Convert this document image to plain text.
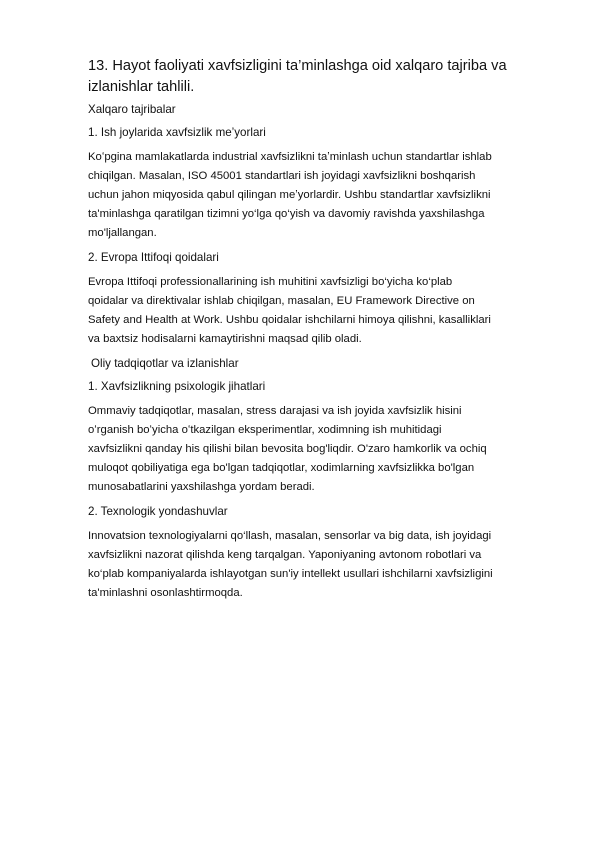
13. Hayot faoliyati xavfsizligini ta’minlashga oid xalqaro tajriba va
izlanishlar tahlili.
Xalqaro tajribalar
1. Ish joylarida xavfsizlik me’yorlari

Koʻpgina mamlakatlarda industrial xavfsizlikni taʼminlash uchun standartlar ishlab
chiqilgan. Masalan, ISO 45001 standartlari ish joyidagi xavfsizlikni boshqarish
uchun jahon miqyosida qabul qilingan meʼyorlardir. Ushbu standartlar xavfsizlikni
ta'minlashga qaratilgan tizimni yo‘lga qo‘yish va davomiy ravishda yaxshilashga
mo'ljallangan.

2. Evropa Ittifoqi qoidalari

Evropa Ittifoqi professionallarining ish muhitini xavfsizligi bo‘yicha ko‘plab
qoidalar va direktivalar ishlab chiqilgan, masalan, EU Framework Directive on
Safety and Health at Work. Ushbu qoidalar ishchilarni himoya qilishni, kasalliklari
va baxtsiz hodisalarni kamaytirishni maqsad qilib oladi.

Oliy tadqiqotlar va izlanishlar
1. Xavfsizlikning psixologik jihatlari

Ommaviy tadqiqotlar, masalan, stress darajasi va ish joyida xavfsizlik hisini
oʻrganish boʻyicha oʻtkazilgan eksperimentlar, xodimning ish muhitidagi
xavfsizlikni qanday his qilishi bilan bevosita bog'liqdir. O'zaro hamkorlik va ochiq
muloqot qobiliyatiga ega bo'lgan tadqiqotlar, xodimlarning xavfsizlikka bo'lgan
munosabatlarini yaxshilashga yordam beradi.

2. Texnologik yondashuvlar

Innovatsion texnologiyalarni qo‘llash, masalan, sensorlar va big data, ish joyidagi
xavfsizlikni nazorat qilishda keng tarqalgan. Yaponiyaning avtonom robotlari va
ko‘plab kompaniyalarda ishlayotgan sun'iy intellekt usullari ishchilarni xavfsizligini
ta'minlashni osonlashtirmoqda.
